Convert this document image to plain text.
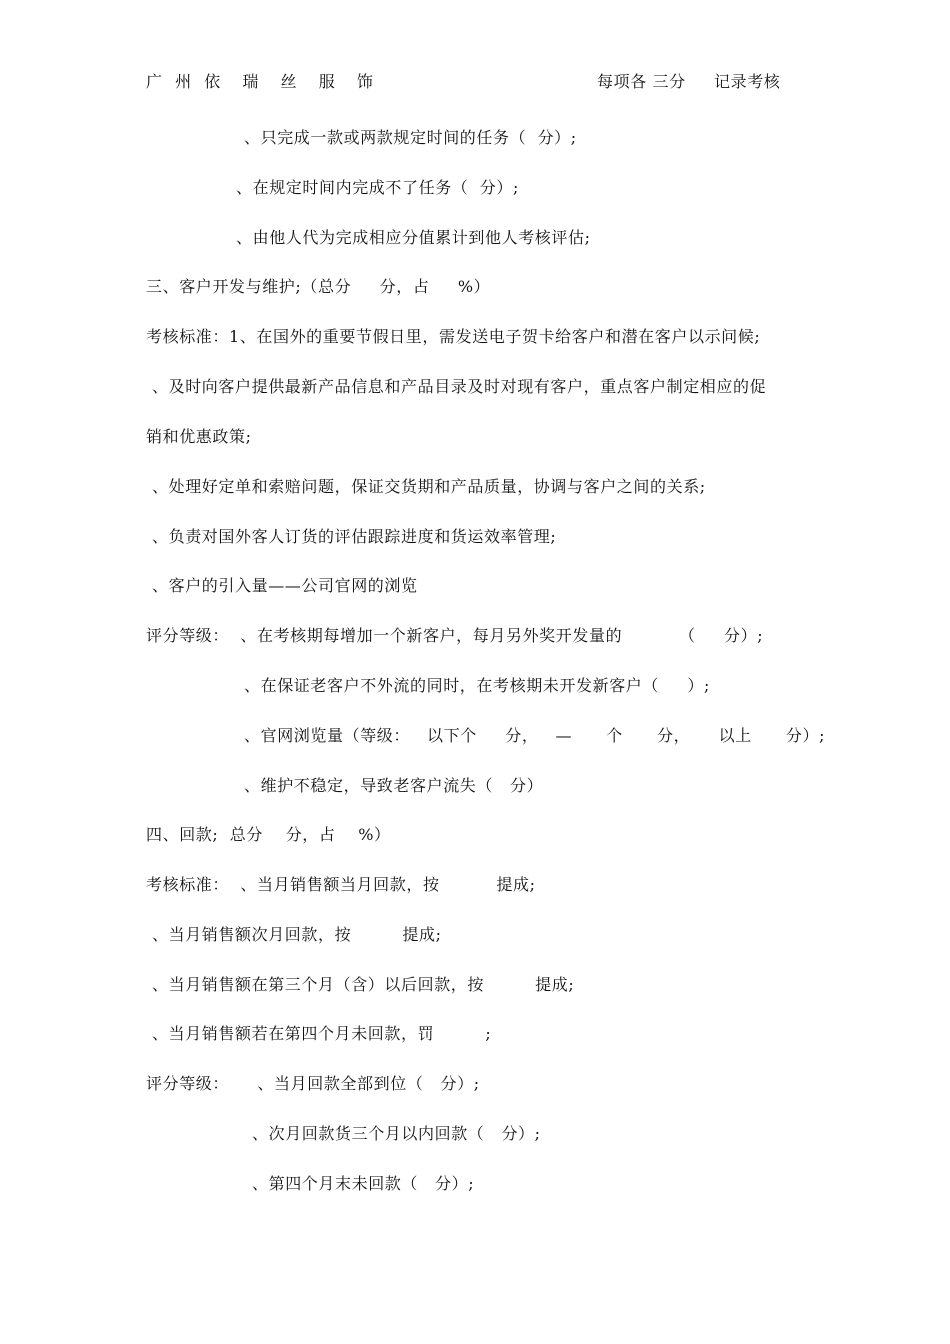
广 州 依  瑞  丝  服  饰	每项各 三分 记录考核
、只完成一款或两款规定时间的任务（  分）;
、在规定时间内完成不了任务（  分）;
、由他人代为完成相应分值累计到他人考核评估;
三、客户开发与维护;（总分     分，占     %）
考核标准：1、在国外的重要节假日里，需发送电子贺卡给客户和潜在客户以示问候;
、及时向客户提供最新产品信息和产品目录及时对现有客户，重点客户制定相应的促
销和优惠政策;
、处理好定单和索赔问题，保证交货期和产品质量，协调与客户之间的关系;
、负责对国外客人订货的评估跟踪进度和货运效率管理;
、客户的引入量——公司官网的浏览
评分等级：  、在考核期每增加一个新客户，每月另外奖开发量的          （     分）;
、在保证老客户不外流的同时，在考核期未开发新客户（     ）;
、官网浏览量（等级：   以下个     分，   —      个      分，     以上      分）;
、维护不稳定，导致老客户流失（   分）
四、回款;  总分    分，占    %）
考核标准：  、当月销售额当月回款，按          提成;
、当月销售额次月回款，按         提成;
、当月销售额在第三个月（含）以后回款，按         提成;
、当月销售额若在第四个月未回款，罚         ;
评分等级：     、当月回款全部到位（   分）;
、次月回款货三个月以内回款（   分）;
、第四个月末未回款（   分）;
